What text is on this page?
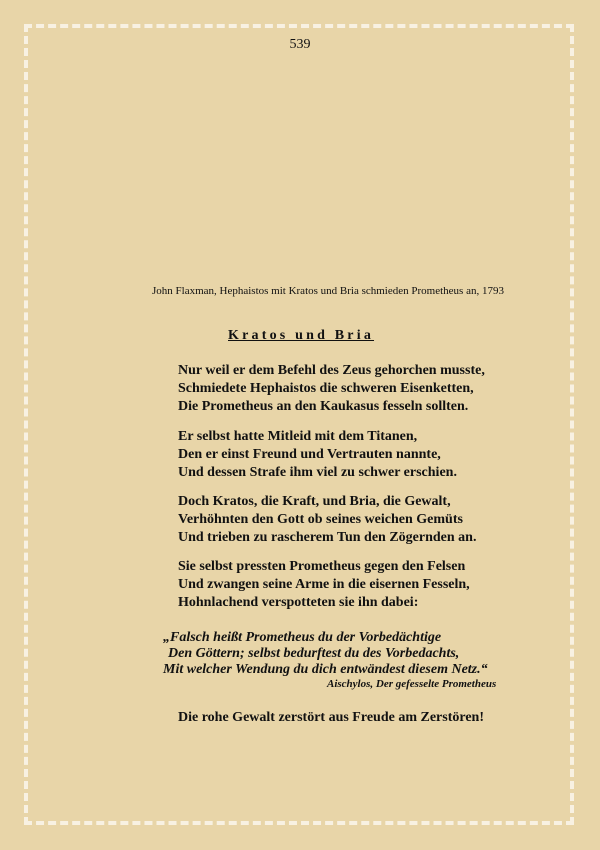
539
John Flaxman, Hephaistos mit Kratos und Bria schmieden Prometheus an, 1793
Kratos und Bria
Nur weil er dem Befehl des Zeus gehorchen musste,
Schmiedete Hephaistos die schweren Eisenketten,
Die Prometheus an den Kaukasus fesseln sollten.
Er selbst hatte Mitleid mit dem Titanen,
Den er einst Freund und Vertrauten nannte,
Und dessen Strafe ihm viel zu schwer erschien.
Doch Kratos, die Kraft, und Bria, die Gewalt,
Verhöhnten den Gott ob seines weichen Gemüts
Und trieben zu rascherem Tun den Zögernden an.
Sie selbst pressten Prometheus gegen den Felsen
Und zwangen seine Arme in die eisernen Fesseln,
Hohnlachend verspotteten sie ihn dabei:
„Falsch heißt Prometheus du der Vorbedächtige
Den Göttern; selbst bedurftest du des Vorbedachts,
Mit welcher Wendung du dich entwändest diesem Netz.“
Aischylos, Der gefesselte Prometheus
Die rohe Gewalt zerstört aus Freude am Zerstören!
